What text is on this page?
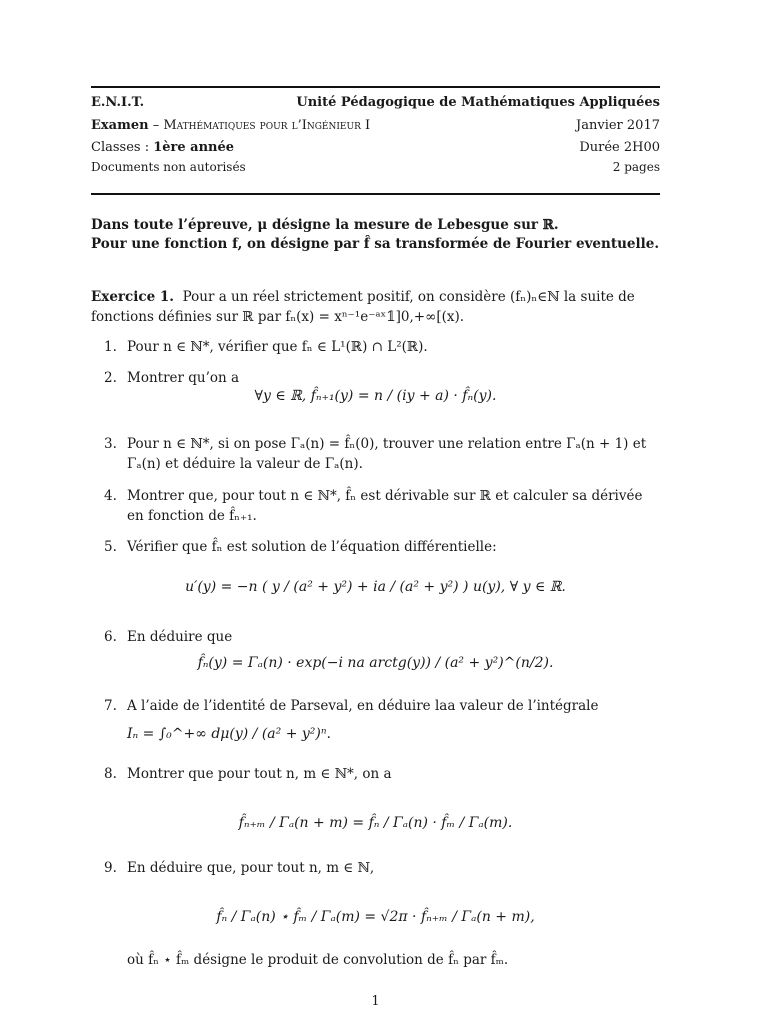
E.N.I.T.	Unité Pédagogique de Mathématiques Appliquées
Examen – Mathématiques pour l’Ingénieur I	Janvier 2017
Classes : 1ère année	Durée 2H00
Documents non autorisés	2 pages
Dans toute l’épreuve, μ désigne la mesure de Lebesgue sur ℝ.
Pour une fonction f, on désigne par f̂ sa transformée de Fourier eventuelle.
Exercice 1. Pour a un réel strictement positif, on considère (fₙ)ₙ∈ℕ la suite de fonctions définies sur ℝ par fₙ(x) = xⁿ⁻¹e⁻ᵃˣ𝟙]0,+∞[(x).
1. Pour n ∈ ℕ*, vérifier que fₙ ∈ L¹(ℝ) ∩ L²(ℝ).
2. Montrer qu’on a
∀y ∈ ℝ, f̂ₙ₊₁(y) = n / (iy + a) · f̂ₙ(y).
3. Pour n ∈ ℕ*, si on pose Γₐ(n) = f̂ₙ(0), trouver une relation entre Γₐ(n + 1) et Γₐ(n) et déduire la valeur de Γₐ(n).
4. Montrer que, pour tout n ∈ ℕ*, f̂ₙ est dérivable sur ℝ et calculer sa dérivée en fonction de f̂ₙ₊₁.
5. Vérifier que f̂ₙ est solution de l’équation différentielle:
u′(y) = −n ( y / (a² + y²) + ia / (a² + y²) ) u(y), ∀ y ∈ ℝ.
6. En déduire que
f̂ₙ(y) = Γₐ(n) · exp(−i na arctg(y)) / (a² + y²)^(n/2).
7. A l’aide de l’identité de Parseval, en déduire laa valeur de l’intégrale
Iₙ = ∫₀^+∞ dμ(y) / (a² + y²)ⁿ.
8. Montrer que pour tout n, m ∈ ℕ*, on a
f̂ₙ₊ₘ / Γₐ(n + m) = f̂ₙ / Γₐ(n) · f̂ₘ / Γₐ(m).
9. En déduire que, pour tout n, m ∈ ℕ,
f̂ₙ / Γₐ(n) ⋆ f̂ₘ / Γₐ(m) = √2π · f̂ₙ₊ₘ / Γₐ(n + m),
où f̂ₙ ⋆ f̂ₘ désigne le produit de convolution de f̂ₙ par f̂ₘ.
1
